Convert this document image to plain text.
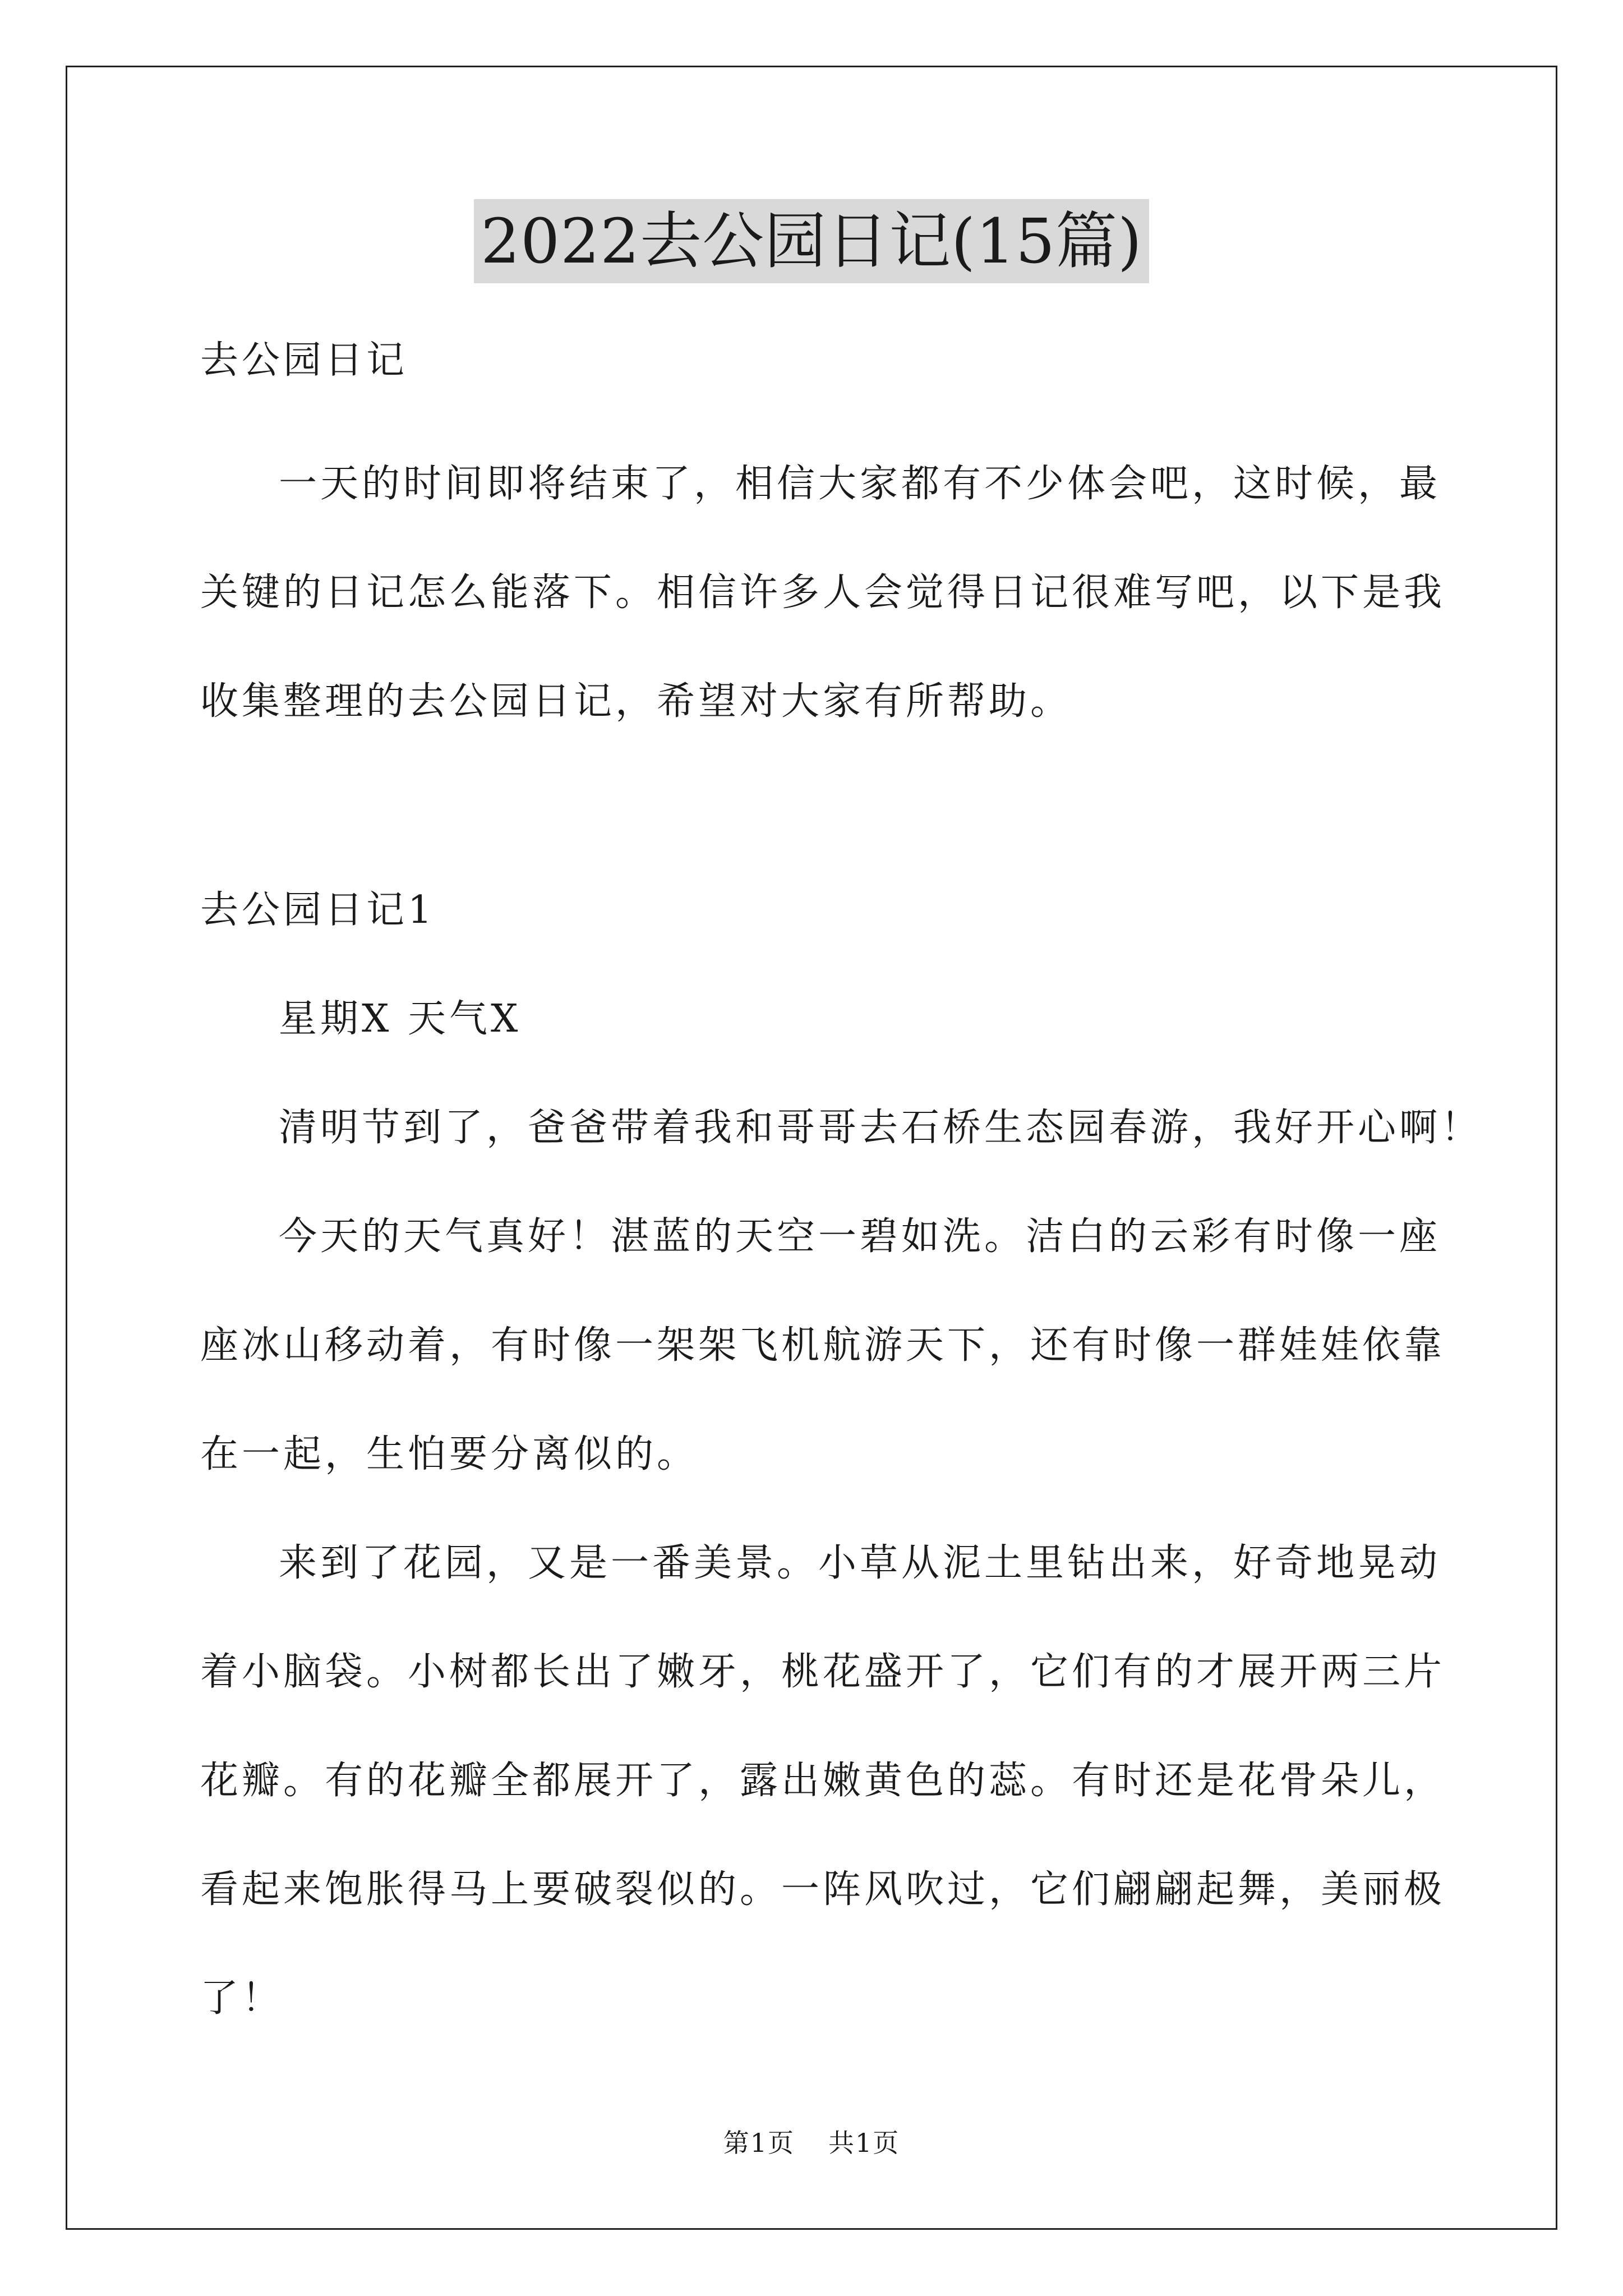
2022去公园日记(15篇)
去公园日记
一天的时间即将结束了，相信大家都有不少体会吧，这时候，最
关键的日记怎么能落下。相信许多人会觉得日记很难写吧，以下是我
收集整理的去公园日记，希望对大家有所帮助。
去公园日记1
星期X 天气X
清明节到了，爸爸带着我和哥哥去石桥生态园春游，我好开心啊！
今天的天气真好！湛蓝的天空一碧如洗。洁白的云彩有时像一座
座冰山移动着，有时像一架架飞机航游天下，还有时像一群娃娃依靠
在一起，生怕要分离似的。
来到了花园，又是一番美景。小草从泥土里钻出来，好奇地晃动
着小脑袋。小树都长出了嫩牙，桃花盛开了，它们有的才展开两三片
花瓣。有的花瓣全都展开了，露出嫩黄色的蕊。有时还是花骨朵儿，
看起来饱胀得马上要破裂似的。一阵风吹过，它们翩翩起舞，美丽极
了！
第1页 共1页
